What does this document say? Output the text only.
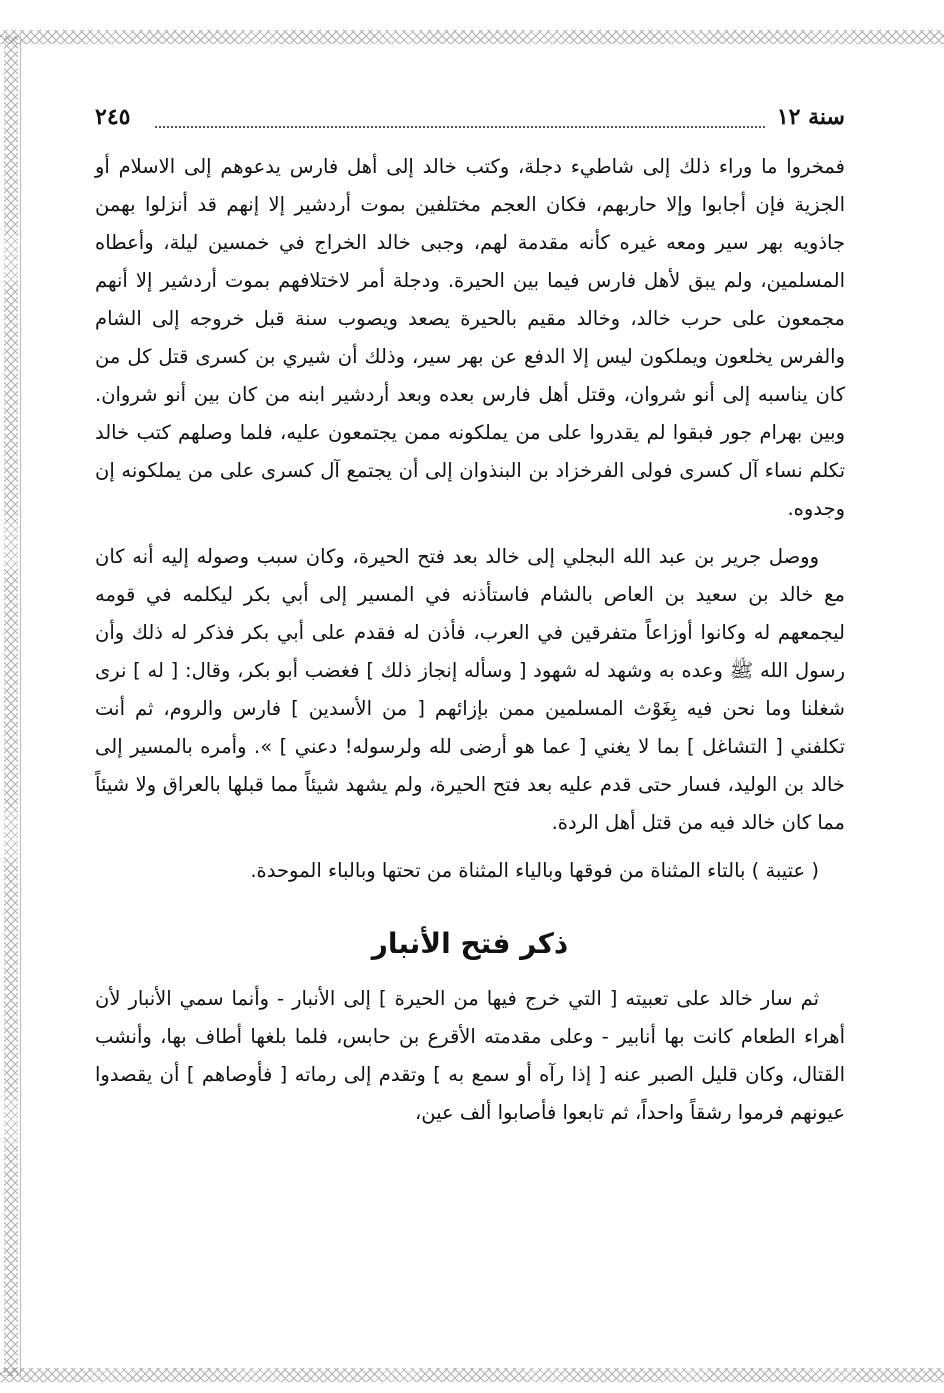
سنة ١٢
٢٤٥

فمخروا ما وراء ذلك إلى شاطيء دجلة، وكتب خالد إلى أهل فارس يدعوهم إلى الاسلام أو الجزية فإن أجابوا وإلا حاربهم، فكان العجم مختلفين بموت أردشير إلا إنهم قد أنزلوا بهمن جاذويه بهر سير ومعه غيره كأنه مقدمة لهم، وجبى خالد الخراج في خمسين ليلة، وأعطاه المسلمين، ولم يبق لأهل فارس فيما بين الحيرة. ودجلة أمر لاختلافهم بموت أردشير إلا أنهم مجمعون على حرب خالد، وخالد مقيم بالحيرة يصعد ويصوب سنة قبل خروجه إلى الشام والفرس يخلعون ويملكون ليس إلا الدفع عن بهر سير، وذلك أن شيري بن كسرى قتل كل من كان يناسبه إلى أنو شروان، وقتل أهل فارس بعده وبعد أردشير ابنه من كان بين أنو شروان. وبين بهرام جور فبقوا لم يقدروا على من يملكونه ممن يجتمعون عليه، فلما وصلهم كتب خالد تكلم نساء آل كسرى فولى الفرخزاد بن البنذوان إلى أن يجتمع آل كسرى على من يملكونه إن وجدوه.

ووصل جرير بن عبد الله البجلي إلى خالد بعد فتح الحيرة، وكان سبب وصوله إليه أنه كان مع خالد بن سعيد بن العاص بالشام فاستأذنه في المسير إلى أبي بكر ليكلمه في قومه ليجمعهم له وكانوا أوزاعاً متفرقين في العرب، فأذن له فقدم على أبي بكر فذكر له ذلك وأن رسول الله ﷺ وعده به وشهد له شهود [ وسأله إنجاز ذلك ] فغضب أبو بكر، وقال: [ له ] نرى شغلنا وما نحن فيه بِغَوْث المسلمين ممن بإزائهم [ من الأسدين ] فارس والروم، ثم أنت تكلفني [ التشاغل ] بما لا يغني [ عما هو أرضى لله ولرسوله! دعني ] ». وأمره بالمسير إلى خالد بن الوليد، فسار حتى قدم عليه بعد فتح الحيرة، ولم يشهد شيئاً مما قبلها بالعراق ولا شيئاً مما كان خالد فيه من قتل أهل الردة.

( عتيبة ) بالتاء المثناة من فوقها وبالياء المثناة من تحتها وبالباء الموحدة.

ذكر فتح الأنبار

ثم سار خالد على تعبيته [ التي خرج فيها من الحيرة ] إلى الأنبار - وأنما سمي الأنبار لأن أهراء الطعام كانت بها أنابير - وعلى مقدمته الأقرع بن حابس، فلما بلغها أطاف بها، وأنشب القتال، وكان قليل الصبر عنه [ إذا رآه أو سمع به ] وتقدم إلى رماته [ فأوصاهم ] أن يقصدوا عيونهم فرموا رشقاً واحداً، ثم تابعوا فأصابوا ألف عين،
